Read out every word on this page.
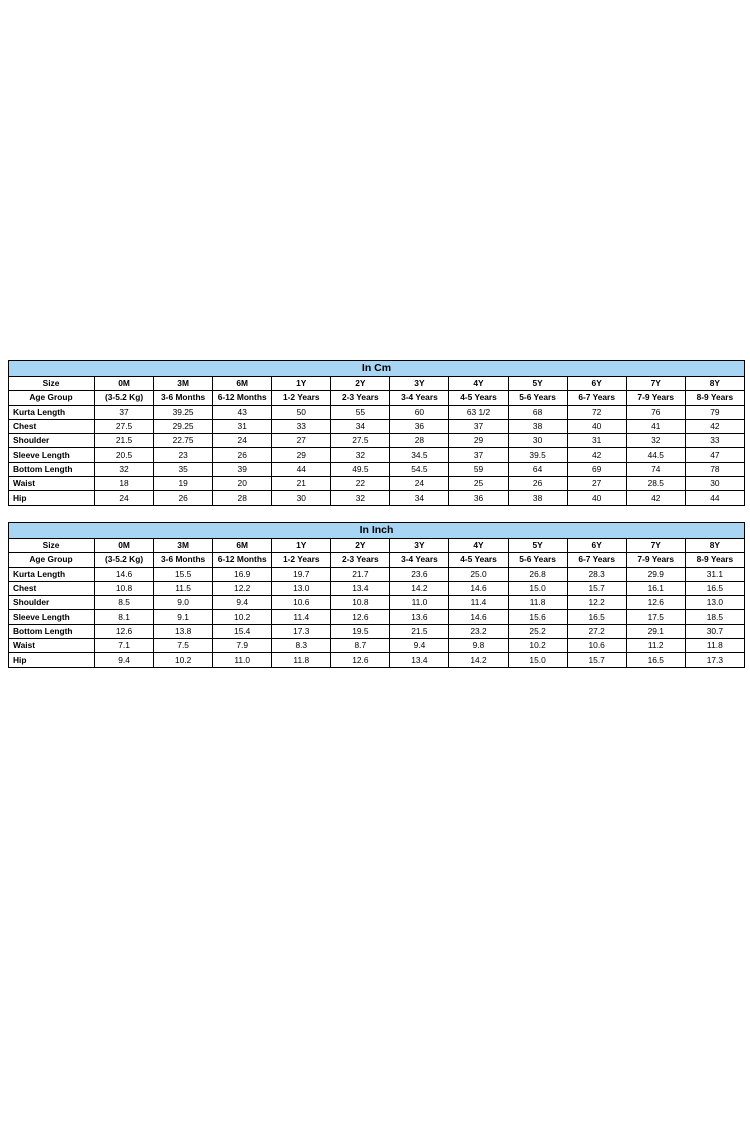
In Cm											
Size	0M	3M	6M	1Y	2Y	3Y	4Y	5Y	6Y	7Y	8Y
Age Group	(3-5.2 Kg)	3-6 Months	6-12 Months	1-2 Years	2-3 Years	3-4 Years	4-5 Years	5-6 Years	6-7 Years	7-9 Years	8-9 Years
Kurta Length	37	39.25	43	50	55	60	63 1/2	68	72	76	79
Chest	27.5	29.25	31	33	34	36	37	38	40	41	42
Shoulder	21.5	22.75	24	27	27.5	28	29	30	31	32	33
Sleeve Length	20.5	23	26	29	32	34.5	37	39.5	42	44.5	47
Bottom Length	32	35	39	44	49.5	54.5	59	64	69	74	78
Waist	18	19	20	21	22	24	25	26	27	28.5	30
Hip	24	26	28	30	32	34	36	38	40	42	44
In Inch											
Size	0M	3M	6M	1Y	2Y	3Y	4Y	5Y	6Y	7Y	8Y
Age Group	(3-5.2 Kg)	3-6 Months	6-12 Months	1-2 Years	2-3 Years	3-4 Years	4-5 Years	5-6 Years	6-7 Years	7-9 Years	8-9 Years
Kurta Length	14.6	15.5	16.9	19.7	21.7	23.6	25.0	26.8	28.3	29.9	31.1
Chest	10.8	11.5	12.2	13.0	13.4	14.2	14.6	15.0	15.7	16.1	16.5
Shoulder	8.5	9.0	9.4	10.6	10.8	11.0	11.4	11.8	12.2	12.6	13.0
Sleeve Length	8.1	9.1	10.2	11.4	12.6	13.6	14.6	15.6	16.5	17.5	18.5
Bottom Length	12.6	13.8	15.4	17.3	19.5	21.5	23.2	25.2	27.2	29.1	30.7
Waist	7.1	7.5	7.9	8.3	8.7	9.4	9.8	10.2	10.6	11.2	11.8
Hip	9.4	10.2	11.0	11.8	12.6	13.4	14.2	15.0	15.7	16.5	17.3
